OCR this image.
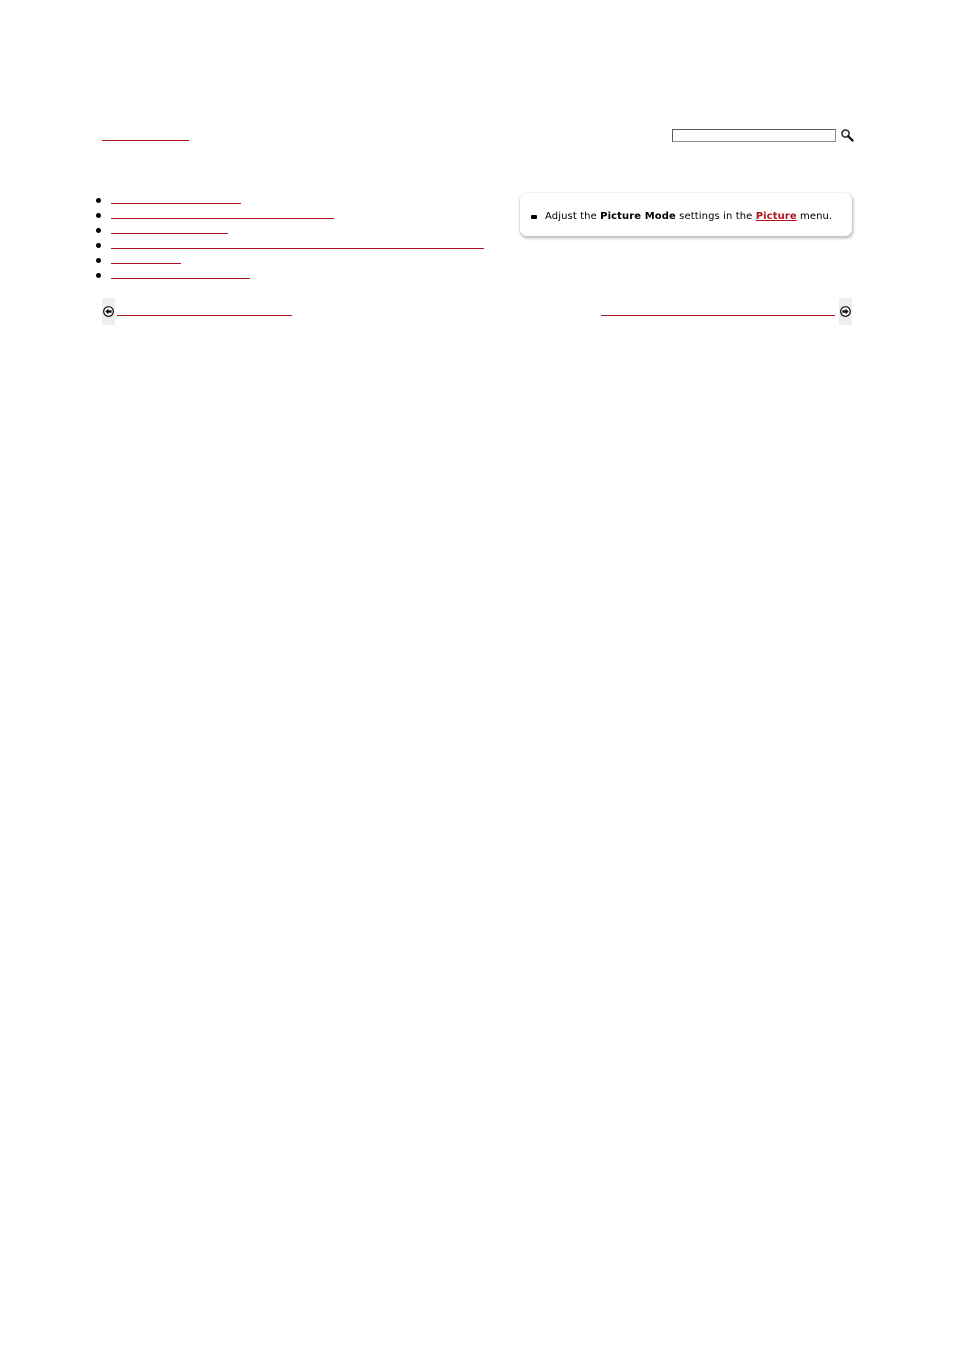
Adjust the Picture Mode settings in the Picture menu.
